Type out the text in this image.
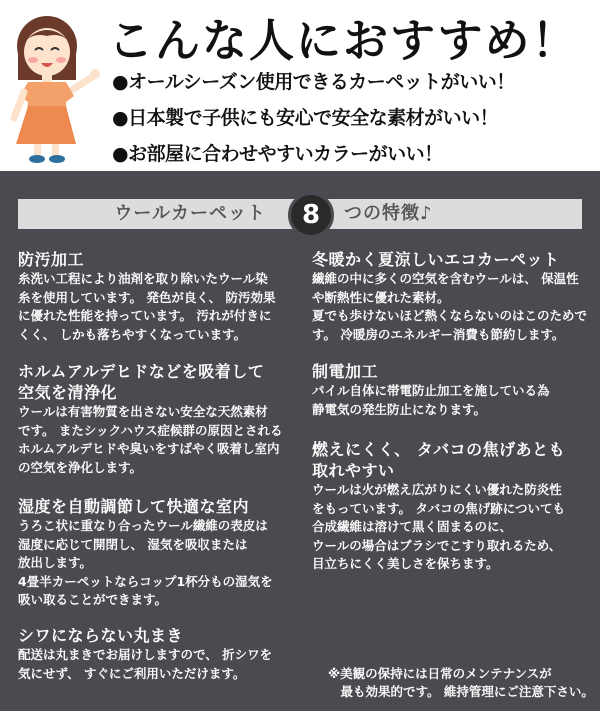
こんな人におすすめ！
●オールシーズン使用できるカーペットがいい！
●日本製で子供にも安心で安全な素材がいい！
●お部屋に合わせやすいカラーがいい！
ウールカーペット	つの特徴♪
8
防汚加工

糸洗い工程により油剤を取り除いたウール染
糸を使用しています。 発色が良く、 防汚効果
に優れた性能を持っています。 汚れが付きに
くく、 しかも落ちやすくなっています。

ホルムアルデヒドなどを吸着して
空気を清浄化

ウールは有害物質を出さない安全な天然素材
です。 またシックハウス症候群の原因とされる
ホルムアルデヒドや臭いをすばやく吸着し室内
の空気を浄化します。

湿度を自動調節して快適な室内

うろこ状に重なり合ったウール繊維の表皮は
湿度に応じて開閉し、 湿気を吸収または
放出します。
4畳半カーペットならコップ1杯分もの湿気を
吸い取ることができます。

シワにならない丸まき

配送は丸まきでお届けしますので、 折シワを
気にせず、 すぐにご利用いただけます。

冬暖かく夏涼しいエコカーペット

繊維の中に多くの空気を含むウールは、 保温性
や断熱性に優れた素材。
夏でも歩けないほど熱くならないのはこのためで
す。 冷暖房のエネルギー消費も節約します。

制電加工

パイル自体に帯電防止加工を施している為
静電気の発生防止になります。

燃えにくく、 タバコの焦げあとも
取れやすい

ウールは火が燃え広がりにくい優れた防炎性
をもっています。 タバコの焦げ跡についても
合成繊維は溶けて黒く固まるのに、
ウールの場合はブラシでこすり取れるため、
目立ちにくく美しさを保ちます。

※美観の保持には日常のメンテナンスが
　最も効果的です。 維持管理にご注意下さい。
